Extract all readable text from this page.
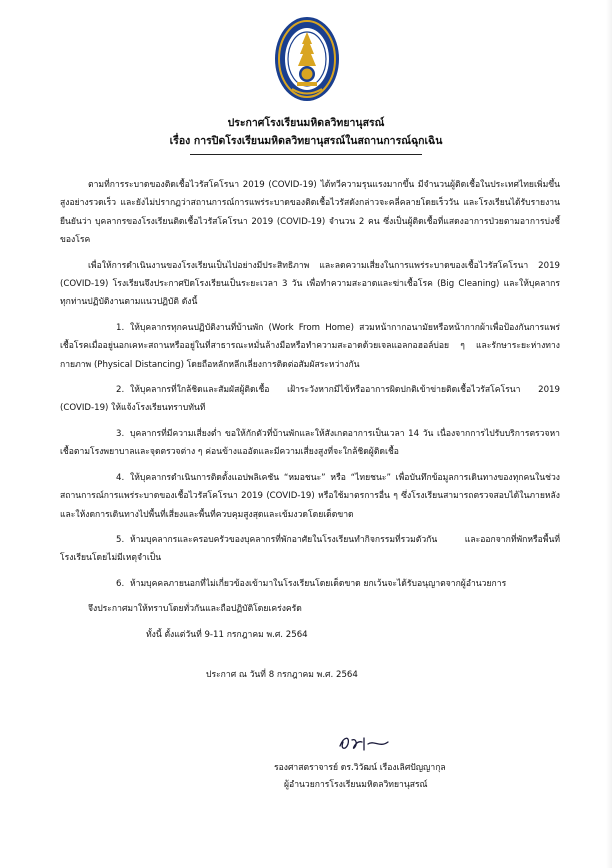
ประกาศโรงเรียนมหิดลวิทยานุสรณ์
เรื่อง การปิดโรงเรียนมหิดลวิทยานุสรณ์ในสถานการณ์ฉุกเฉิน

ตามที่การระบาดของติดเชื้อไวรัสโคโรนา 2019 (COVID-19) ได้ทวีความรุนแรงมากขึ้น มีจำนวนผู้ติดเชื้อในประเทศไทยเพิ่มขึ้นสูงอย่างรวดเร็ว และยังไม่ปรากฏว่าสถานการณ์การแพร่ระบาดของติดเชื้อไวรัสดังกล่าวจะคลี่คลายโดยเร็ววัน และโรงเรียนได้รับรายงานยืนยันว่า บุคลากรของโรงเรียนติดเชื้อไวรัสโคโรนา 2019 (COVID-19) จำนวน 2 คน ซึ่งเป็นผู้ติดเชื้อที่แสดงอาการป่วยตามอาการบ่งชี้ของโรค

เพื่อให้การดำเนินงานของโรงเรียนเป็นไปอย่างมีประสิทธิภาพ และลดความเสี่ยงในการแพร่ระบาดของเชื้อไวรัสโคโรนา 2019 (COVID-19) โรงเรียนจึงประกาศปิดโรงเรียนเป็นระยะเวลา 3 วัน เพื่อทำความสะอาดและฆ่าเชื้อโรค (Big Cleaning) และให้บุคลากรทุกท่านปฏิบัติงานตามแนวปฏิบัติ ดังนี้

1. ให้บุคลากรทุกคนปฏิบัติงานที่บ้านพัก (Work From Home) สวมหน้ากากอนามัยหรือหน้ากากผ้าเพื่อป้องกันการแพร่เชื้อโรคเมื่ออยู่นอกเคหะสถานหรืออยู่ในที่สาธารณะหมั่นล้างมือหรือทำความสะอาดด้วยเจลแอลกอฮอล์บ่อย ๆ และรักษาระยะห่างทางกายภาพ (Physical Distancing) โดยถือหลักหลีกเลี่ยงการติดต่อสัมผัสระหว่างกัน

2. ให้บุคลากรที่ใกล้ชิดและสัมผัสผู้ติดเชื้อ เฝ้าระวังหากมีไข้หรืออาการผิดปกติเข้าข่ายติดเชื้อไวรัสโคโรนา 2019 (COVID-19) ให้แจ้งโรงเรียนทราบทันที

3. บุคลากรที่มีความเสี่ยงต่ำ ขอให้กักตัวที่บ้านพักและให้สังเกตอาการเป็นเวลา 14 วัน เนื่องจากการไปรับบริการตรวจหาเชื้อตามโรงพยาบาลและจุดตรวจต่าง ๆ ค่อนข้างแออัดและมีความเสี่ยงสูงที่จะใกล้ชิดผู้ติดเชื้อ

4. ให้บุคลากรดำเนินการติดตั้งแอปพลิเคชัน “หมอชนะ” หรือ “ไทยชนะ” เพื่อบันทึกข้อมูลการเดินทางของทุกคนในช่วงสถานการณ์การแพร่ระบาดของเชื้อไวรัสโคโรนา 2019 (COVID-19) หรือใช้มาตรการอื่น ๆ ซึ่งโรงเรียนสามารถตรวจสอบได้ในภายหลัง และให้งดการเดินทางไปพื้นที่เสี่ยงและพื้นที่ควบคุมสูงสุดและเข้มงวดโดยเด็ดขาด

5. ห้ามบุคลากรและครอบครัวของบุคลากรที่พักอาศัยในโรงเรียนทำกิจกรรมที่รวมตัวกัน และออกจากที่พักหรือพื้นที่โรงเรียนโดยไม่มีเหตุจำเป็น

6. ห้ามบุคคลภายนอกที่ไม่เกี่ยวข้องเข้ามาในโรงเรียนโดยเด็ดขาด ยกเว้นจะได้รับอนุญาตจากผู้อำนวยการ

จึงประกาศมาให้ทราบโดยทั่วกันและถือปฏิบัติโดยเคร่งครัด

ทั้งนี้ ตั้งแต่วันที่ 9-11 กรกฎาคม พ.ศ. 2564

ประกาศ ณ วันที่ 8 กรกฎาคม พ.ศ. 2564

รองศาสตราจารย์ ดร.วิวัฒน์ เรืองเลิศปัญญากุล
ผู้อำนวยการโรงเรียนมหิดลวิทยานุสรณ์
